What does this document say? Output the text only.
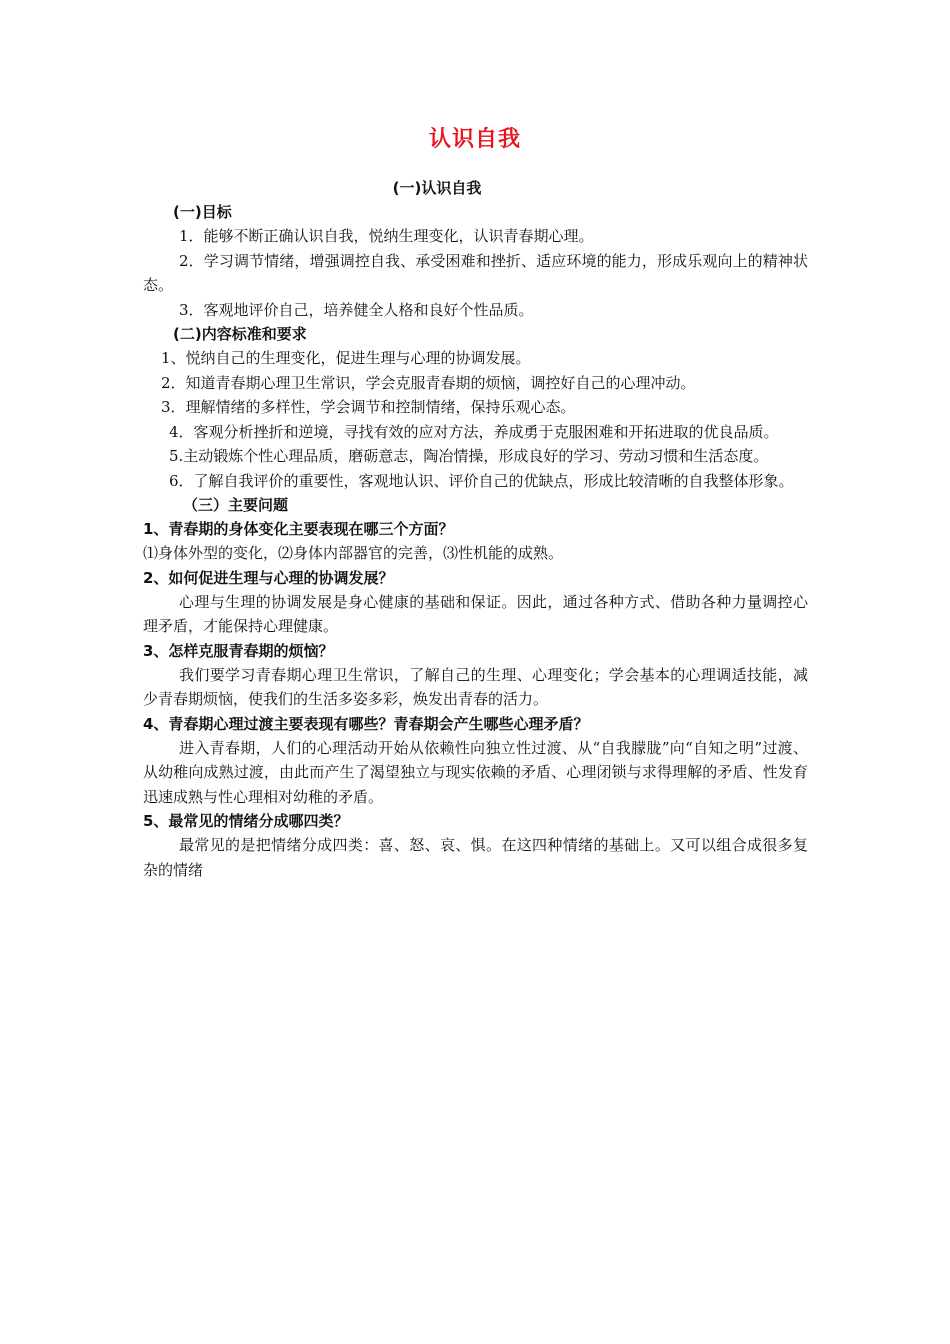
认识自我
(一)认识自我

(一)目标

1．能够不断正确认识自我，悦纳生理变化，认识青春期心理。

2．学习调节情绪，增强调控自我、承受困难和挫折、适应环境的能力，形成乐观向上的精神状态。

3．客观地评价自己，培养健全人格和良好个性品质。

(二)内容标准和要求

1、悦纳自己的生理变化，促进生理与心理的协调发展。

2．知道青春期心理卫生常识，学会克服青春期的烦恼，调控好自己的心理冲动。

3．理解情绪的多样性，学会调节和控制情绪，保持乐观心态。

4．客观分析挫折和逆境，寻找有效的应对方法，养成勇于克服困难和开拓进取的优良品质。

5.主动锻炼个性心理品质，磨砺意志，陶冶情操，形成良好的学习、劳动习惯和生活态度。

6．了解自我评价的重要性，客观地认识、评价自己的优缺点，形成比较清晰的自我整体形象。

（三）主要问题

1、青春期的身体变化主要表现在哪三个方面？

⑴身体外型的变化，⑵身体内部器官的完善，⑶性机能的成熟。

2、如何促进生理与心理的协调发展？

心理与生理的协调发展是身心健康的基础和保证。因此，通过各种方式、借助各种力量调控心理矛盾，才能保持心理健康。

3、怎样克服青春期的烦恼？

我们要学习青春期心理卫生常识，了解自己的生理、心理变化；学会基本的心理调适技能，减少青春期烦恼，使我们的生活多姿多彩，焕发出青春的活力。

4、青春期心理过渡主要表现有哪些？青春期会产生哪些心理矛盾？

进入青春期，人们的心理活动开始从依赖性向独立性过渡、从“自我朦胧”向“自知之明”过渡、从幼稚向成熟过渡，由此而产生了渴望独立与现实依赖的矛盾、心理闭锁与求得理解的矛盾、性发育迅速成熟与性心理相对幼稚的矛盾。

5、最常见的情绪分成哪四类？

最常见的是把情绪分成四类：喜、怒、哀、惧。在这四种情绪的基础上。又可以组合成很多复杂的情绪
